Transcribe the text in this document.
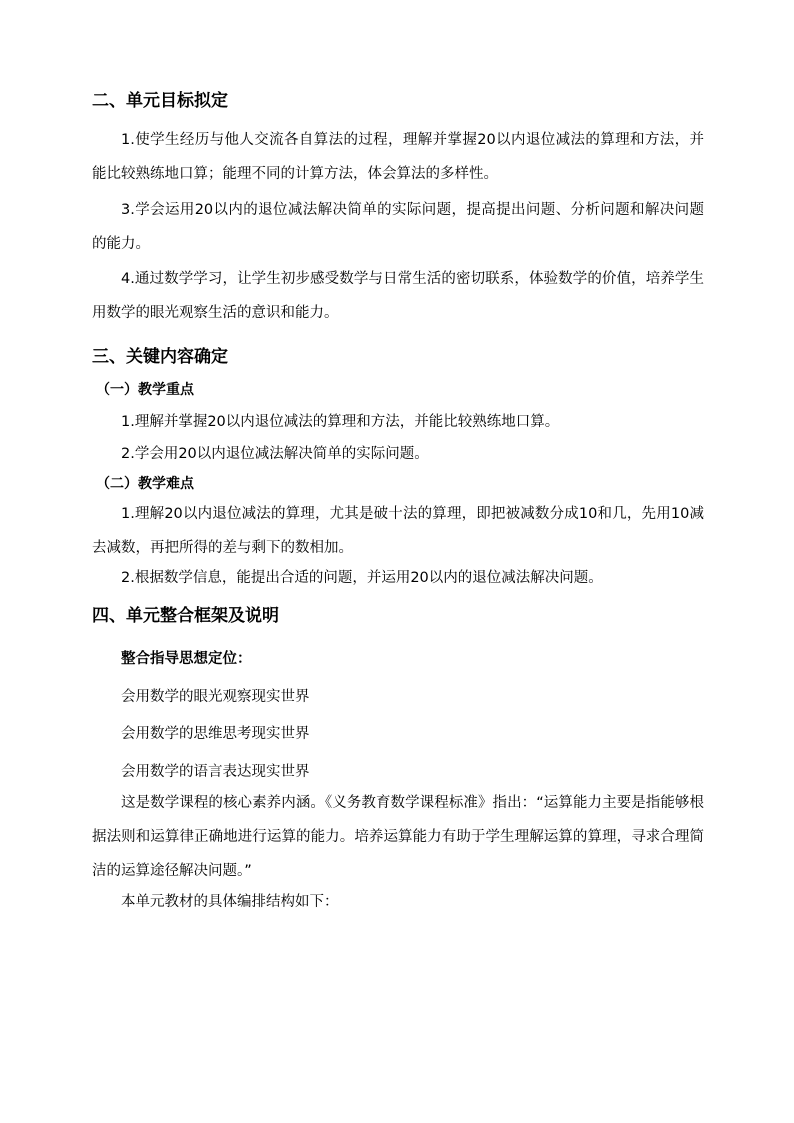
二、单元目标拟定

1.使学生经历与他人交流各自算法的过程，理解并掌握20以内退位减法的算理和方法，并能比较熟练地口算；能理不同的计算方法，体会算法的多样性。

3.学会运用20以内的退位减法解决简单的实际问题，提高提出问题、分析问题和解决问题的能力。

4.通过数学学习，让学生初步感受数学与日常生活的密切联系，体验数学的价值，培养学生用数学的眼光观察生活的意识和能力。

三、关键内容确定
（一）教学重点

1.理解并掌握20以内退位减法的算理和方法，并能比较熟练地口算。

2.学会用20以内退位减法解决简单的实际问题。

（二）教学难点

1.理解20以内退位减法的算理，尤其是破十法的算理，即把被减数分成10和几，先用10减去减数，再把所得的差与剩下的数相加。

2.根据数学信息，能提出合适的问题，并运用20以内的退位减法解决问题。

四、单元整合框架及说明

整合指导思想定位：

会用数学的眼光观察现实世界

会用数学的思维思考现实世界

会用数学的语言表达现实世界

这是数学课程的核心素养内涵。《义务教育数学课程标准》指出：“运算能力主要是指能够根据法则和运算律正确地进行运算的能力。培养运算能力有助于学生理解运算的算理，寻求合理简洁的运算途径解决问题。”

本单元教材的具体编排结构如下：
